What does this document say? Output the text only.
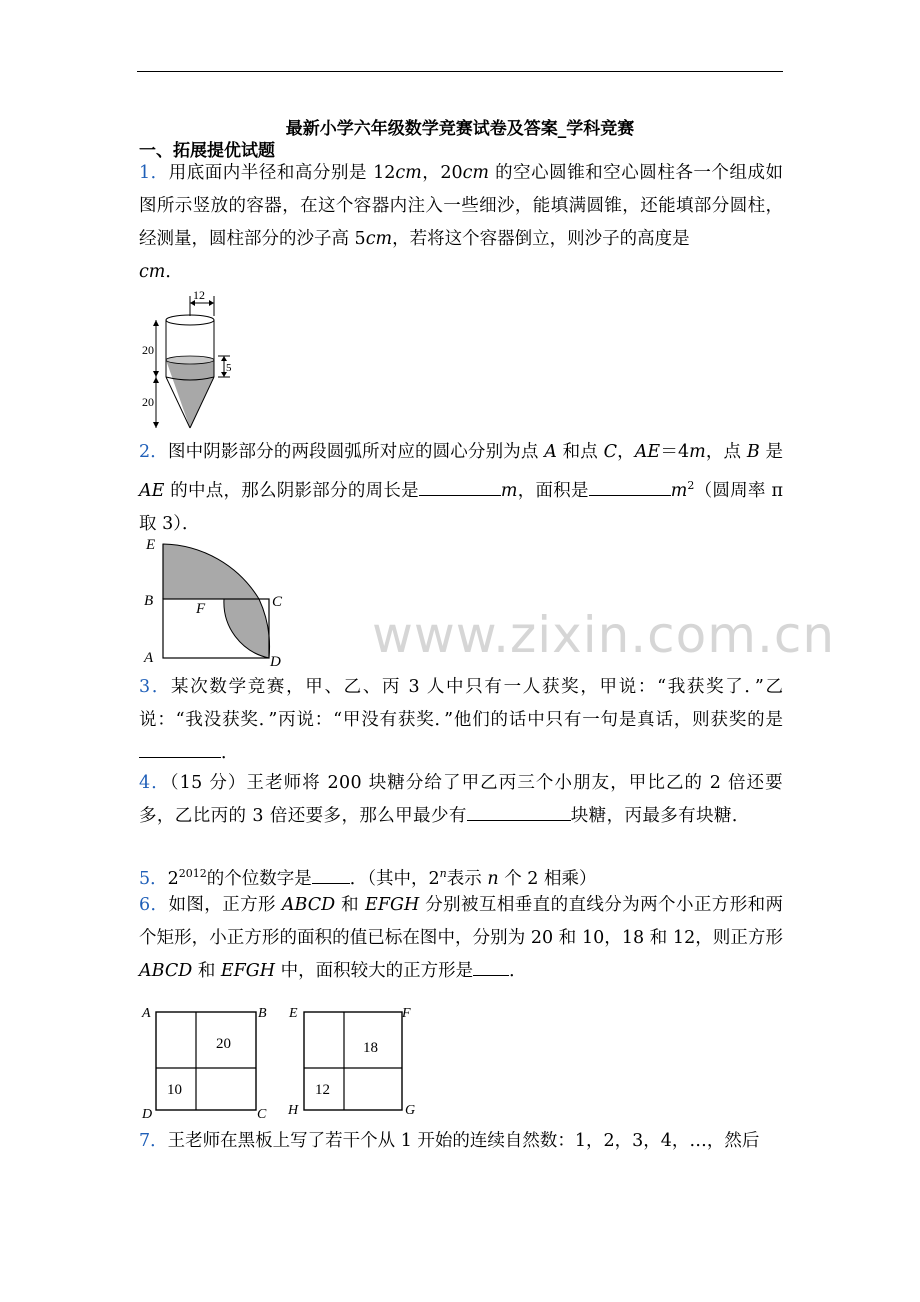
最新小学六年级数学竞赛试卷及答案_学科竞赛
一、拓展提优试题
www.zixin.com.cn
1．用底面内半径和高分别是 12cm，20cm 的空心圆锥和空心圆柱各一个组成如图所示竖放的容器，在这个容器内注入一些细沙，能填满圆锥，还能填部分圆柱，经测量，圆柱部分的沙子高 5cm，若将这个容器倒立，则沙子的高度是
cm．
12
20
20
5
2．图中阴影部分的两段圆弧所对应的圆心分别为点 A 和点 C，AE＝4m，点 B 是 AE 的中点，那么阴影部分的周长是	m，面积是	$m^2$（圆周率 π 取 3）．
E
B	F	C
A	D
3．某次数学竞赛，甲、乙、丙 3 人中只有一人获奖，甲说：“我获奖了．”乙说：“我没获奖．”丙说：“甲没有获奖．”他们的话中只有一句是真话，则获奖的是．
4．（15 分）王老师将 200 块糖分给了甲乙丙三个小朋友，甲比乙的 2 倍还要多，乙比丙的 3 倍还要多，那么甲最少有	块糖，丙最多有块糖．
5．$2^{2012}$的个位数字是 ．（其中，2$^n$表示 n 个 2 相乘）
6．如图，正方形 ABCD 和 EFGH 分别被互相垂直的直线分为两个小正方形和两个矩形，小正方形的面积的值已标在图中，分别为 20 和 10，18 和 12，则正方形 ABCD 和 EFGH 中，面积较大的正方形是 ．
A	B
D	C
20
10
E	F
H	G
18
12
7．王老师在黑板上写了若干个从 1 开始的连续自然数：1，2，3，4，…，然后
